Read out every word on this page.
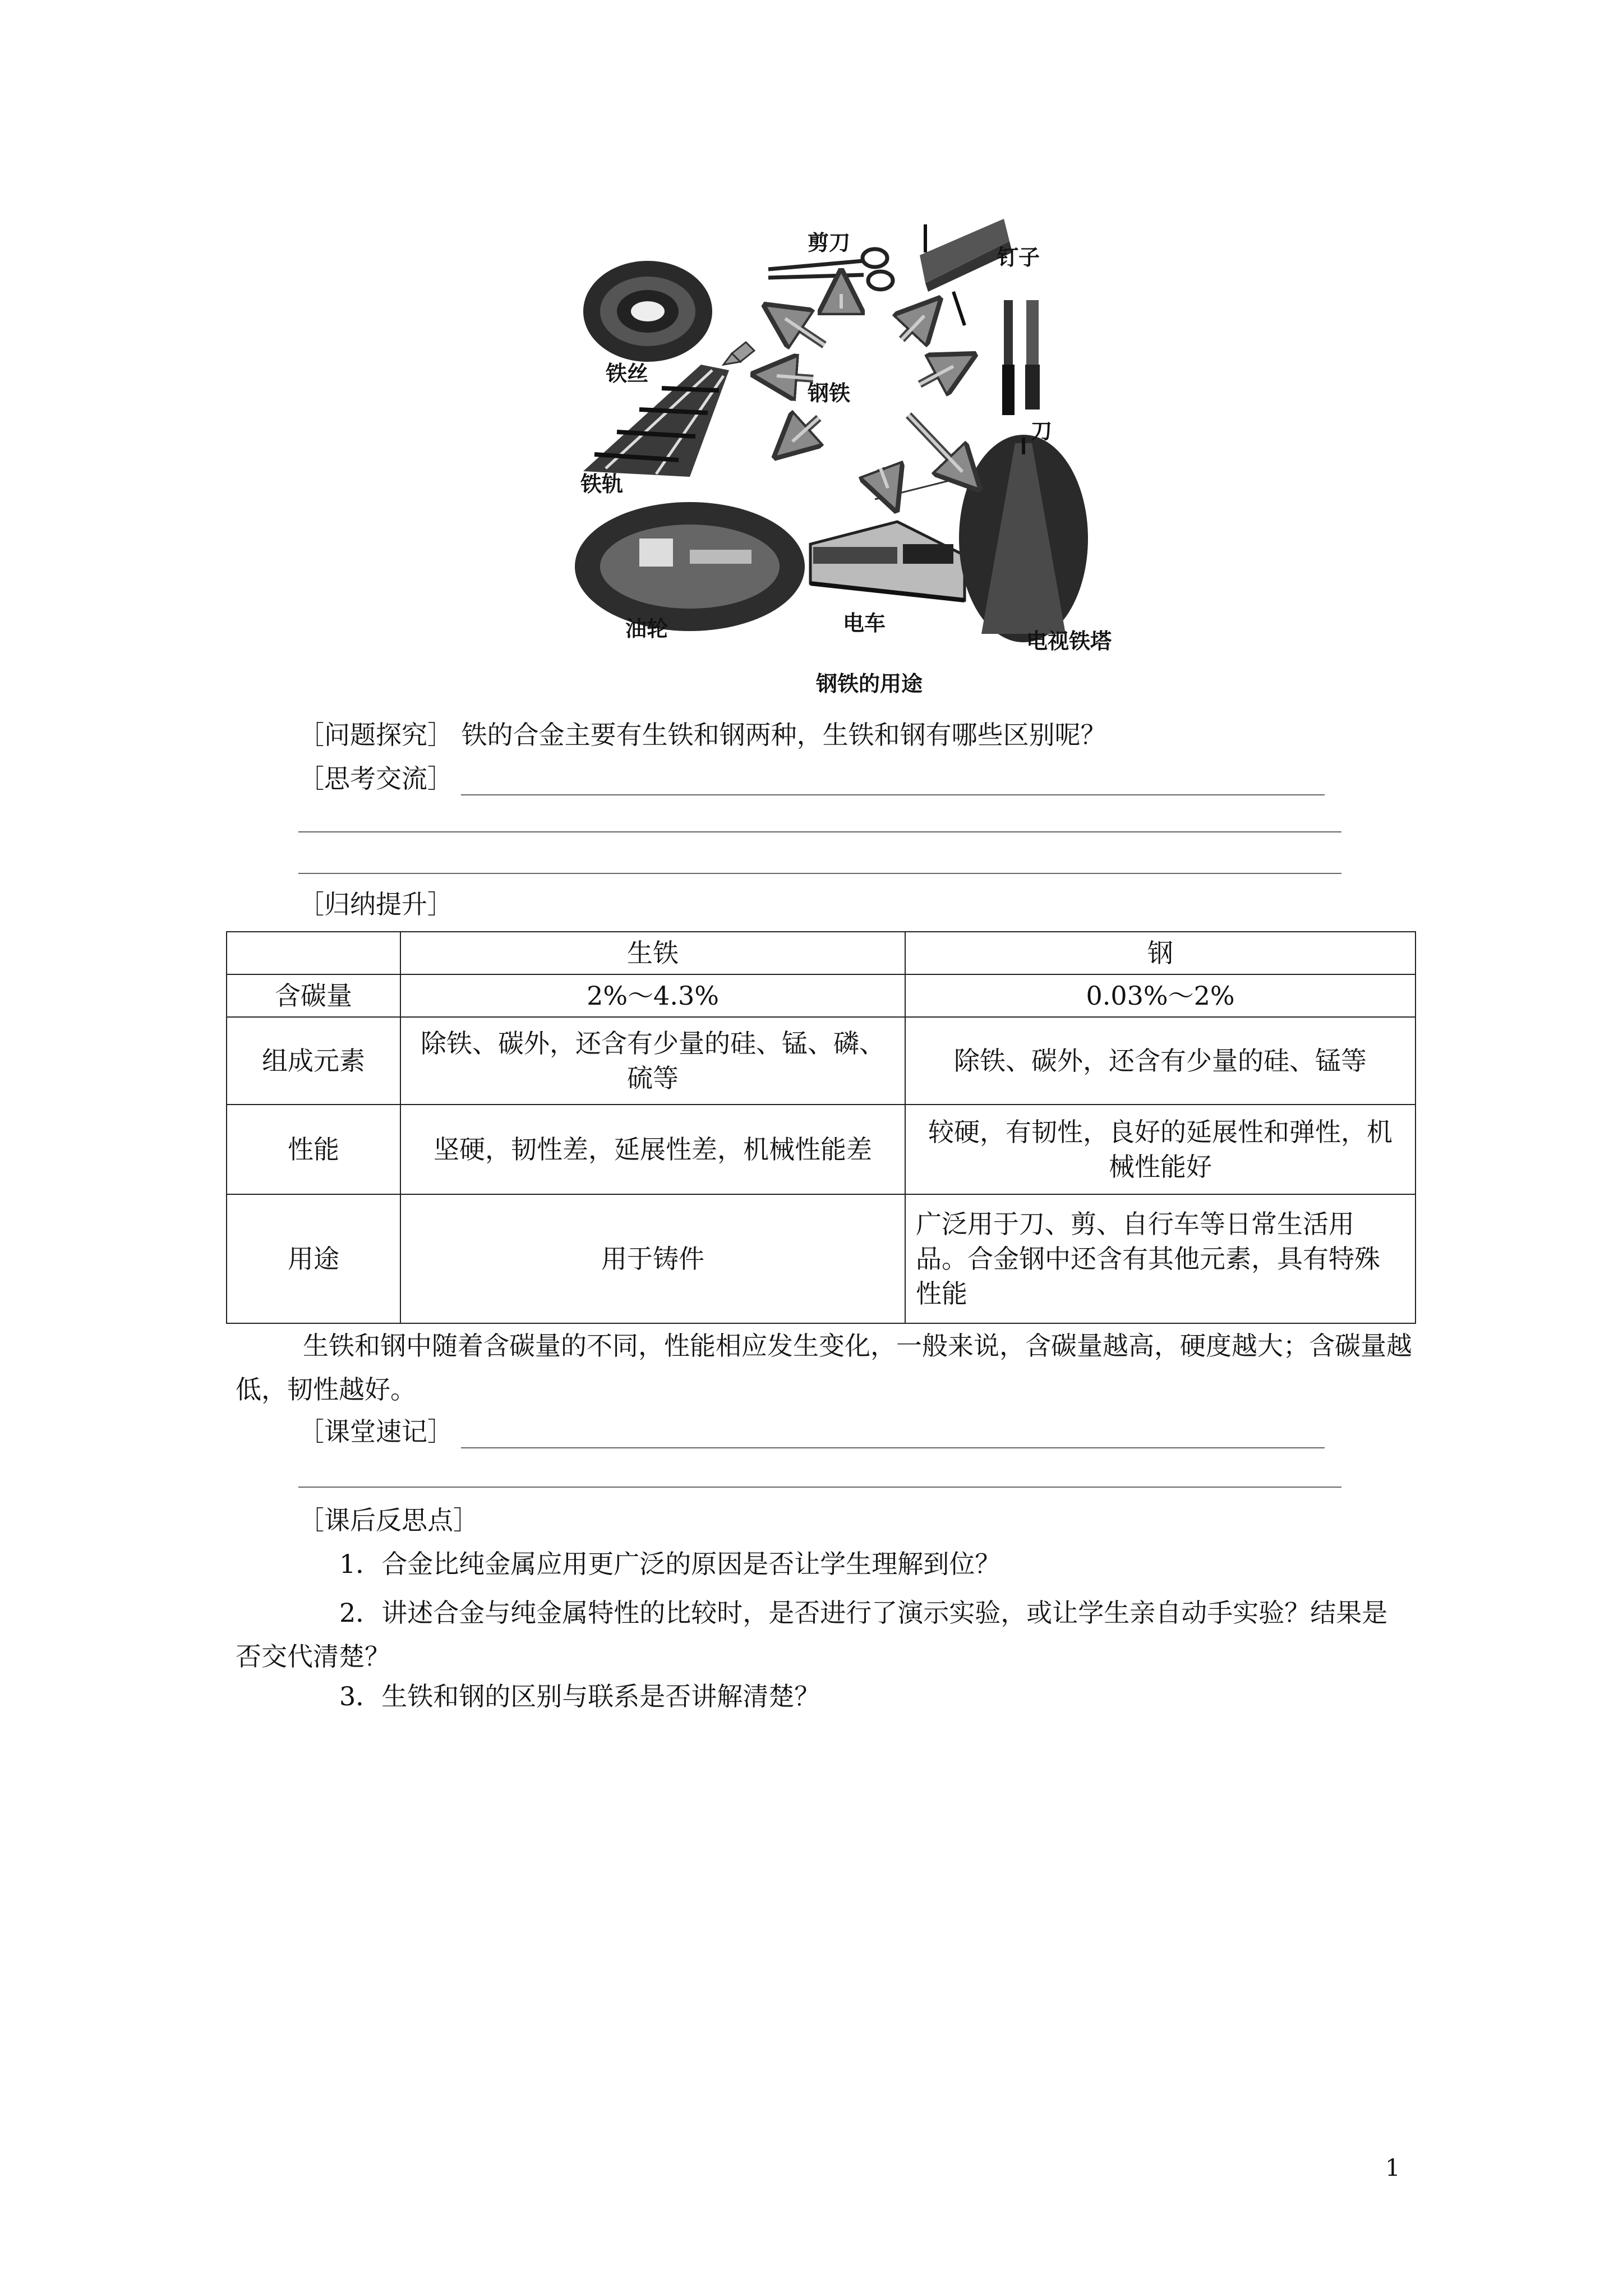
钢铁
剪刀
钉子
铁丝
刀
铁轨
油轮	电车
电视铁塔
钢铁的用途
［问题探究］ 铁的合金主要有生铁和钢两种，生铁和钢有哪些区别呢？
［思考交流］
［归纳提升］
	生铁	钢
含碳量	2%～4.3%	0.03%～2%
组成元素	除铁、碳外，还含有少量的硅、锰、磷、硫等	除铁、碳外，还含有少量的硅、锰等
性能	坚硬，韧性差，延展性差，机械性能差	较硬，有韧性，良好的延展性和弹性，机械性能好
用途	用于铸件	广泛用于刀、剪、自行车等日常生活用品。合金钢中还含有其他元素，具有特殊性能
生铁和钢中随着含碳量的不同，性能相应发生变化，一般来说，含碳量越高，硬度越大；含碳量越低，韧性越好。
［课堂速记］
［课后反思点］
1．合金比纯金属应用更广泛的原因是否让学生理解到位？
2．讲述合金与纯金属特性的比较时，是否进行了演示实验，或让学生亲自动手实验？结果是否交代清楚？
3．生铁和钢的区别与联系是否讲解清楚？
1
